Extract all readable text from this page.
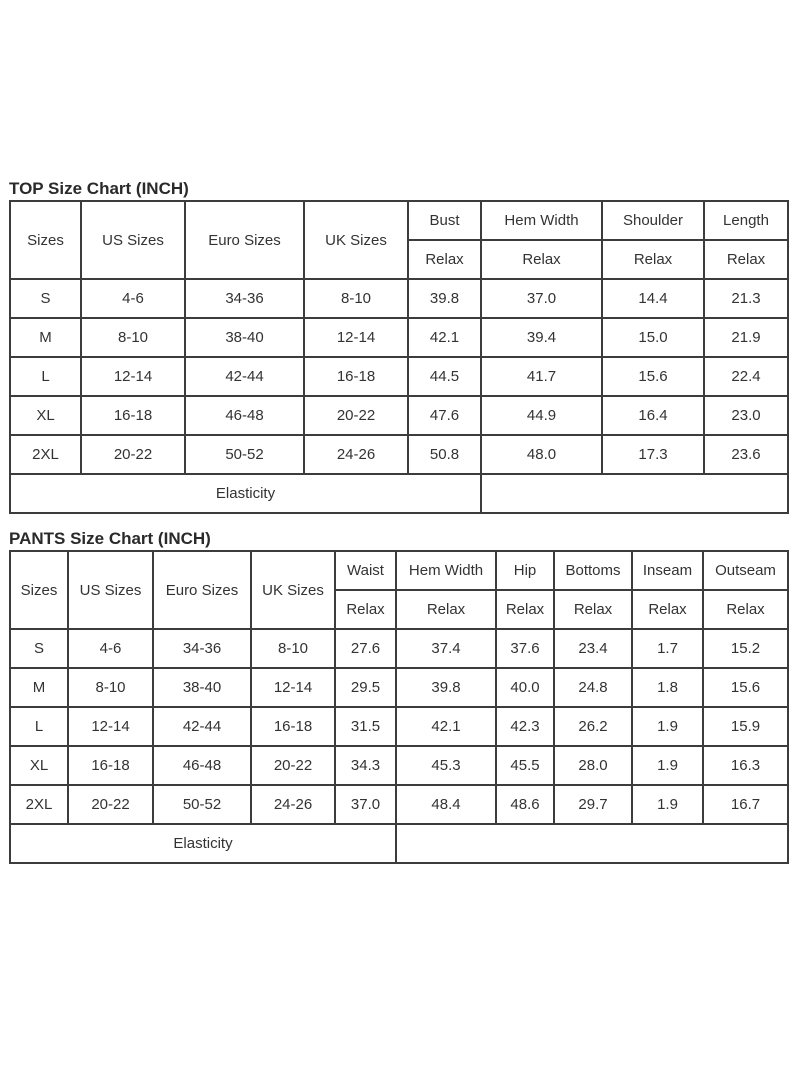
TOP Size Chart (INCH)
Sizes	US Sizes	Euro Sizes	UK Sizes	Bust	Hem Width	Shoulder	Length
				Relax	Relax	Relax	Relax
S	4-6	34-36	8-10	39.8	37.0	14.4	21.3
M	8-10	38-40	12-14	42.1	39.4	15.0	21.9
L	12-14	42-44	16-18	44.5	41.7	15.6	22.4
XL	16-18	46-48	20-22	47.6	44.9	16.4	23.0
2XL	20-22	50-52	24-26	50.8	48.0	17.3	23.6
Elasticity							
PANTS Size Chart (INCH)
Sizes	US Sizes	Euro Sizes	UK Sizes	Waist	Hem Width	Hip	Bottoms	Inseam	Outseam
				Relax	Relax	Relax	Relax	Relax	Relax
S	4-6	34-36	8-10	27.6	37.4	37.6	23.4	1.7	15.2
M	8-10	38-40	12-14	29.5	39.8	40.0	24.8	1.8	15.6
L	12-14	42-44	16-18	31.5	42.1	42.3	26.2	1.9	15.9
XL	16-18	46-48	20-22	34.3	45.3	45.5	28.0	1.9	16.3
2XL	20-22	50-52	24-26	37.0	48.4	48.6	29.7	1.9	16.7
Elasticity									
